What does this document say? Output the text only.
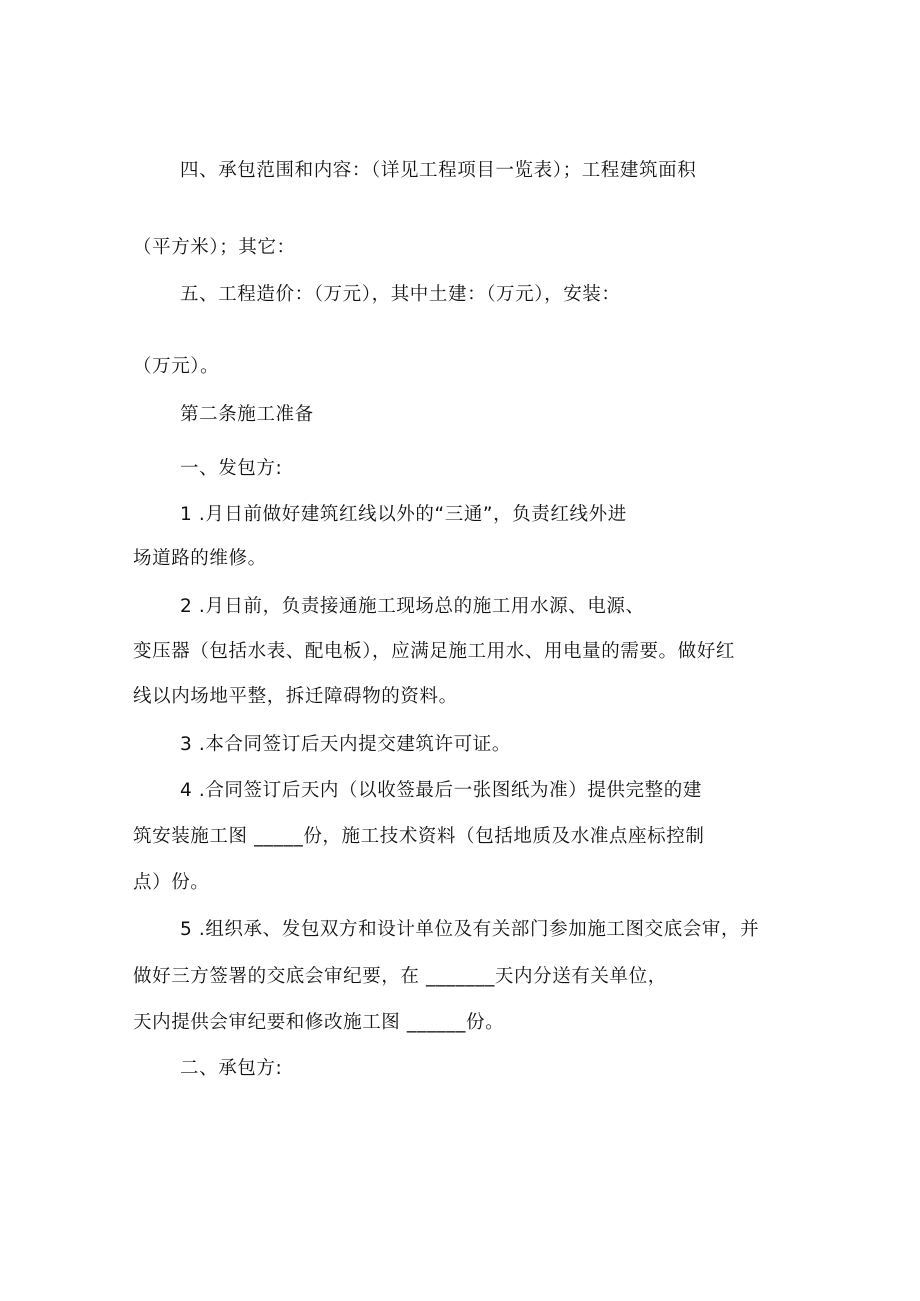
四、承包范围和内容：（详见工程项目一览表）；工程建筑面积
（平方米）；其它：
五、工程造价：（万元），其中土建：（万元），安装：
（万元）。
第二条施工准备
一、发包方:
1 .月日前做好建筑红线以外的“三通”，负责红线外进
场道路的维修。
2 .月日前，负责接通施工现场总的施工用水源、电源、
变压器（包括水表、配电板），应满足施工用水、用电量的需要。做好红
线以内场地平整，拆迁障碍物的资料。
3 .本合同签订后天内提交建筑许可证。
4 .合同签订后天内（以收签最后一张图纸为准）提供完整的建
筑安装施工图 _____份，施工技术资料（包括地质及水准点座标控制
点）份。
5 .组织承、发包双方和设计单位及有关部门参加施工图交底会审，并
做好三方签署的交底会审纪要，在 _______天内分送有关单位，
天内提供会审纪要和修改施工图 ______份。
二、承包方:
